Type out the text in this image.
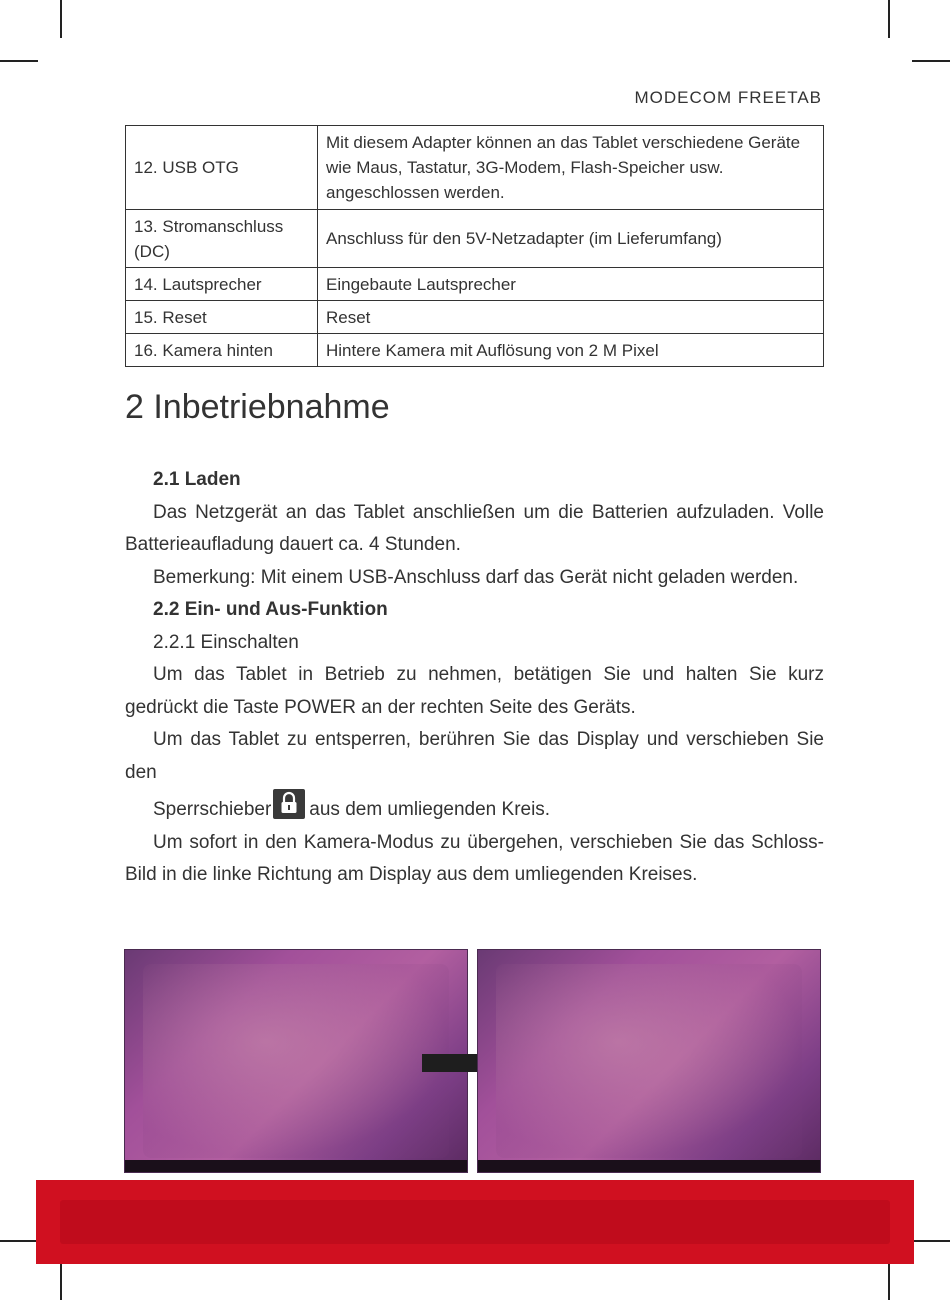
MODECOM FREETAB
12. USB OTG	Mit diesem Adapter können an das Tablet verschiedene Geräte wie Maus, Tastatur, 3G-Modem, Flash-Speicher usw. angeschlossen werden.
13. Stromanschluss (DC)	Anschluss für den 5V-Netzadapter (im Lieferumfang)
14. Lautsprecher	Eingebaute Lautsprecher
15. Reset	Reset
16. Kamera hinten	Hintere Kamera mit Auflösung von 2 M Pixel
2 Inbetriebnahme

2.1 Laden

Das Netzgerät an das Tablet anschließen um die Batterien aufzuladen. Volle Batterieaufladung dauert ca. 4 Stunden.

Bemerkung: Mit einem USB-Anschluss darf das Gerät nicht geladen werden.

2.2 Ein- und Aus-Funktion

2.2.1 Einschalten

Um das Tablet in Betrieb zu nehmen, betätigen Sie und halten Sie kurz gedrückt die Taste POWER an der rechten Seite des Geräts.

Um das Tablet zu entsperren, berühren Sie das Display und verschieben Sie den

Sperrschieber aus dem umliegenden Kreis.

Um sofort in den Kamera-Modus zu übergehen, verschieben Sie das Schloss-Bild in die linke Richtung am Display aus dem umliegenden Kreises.
